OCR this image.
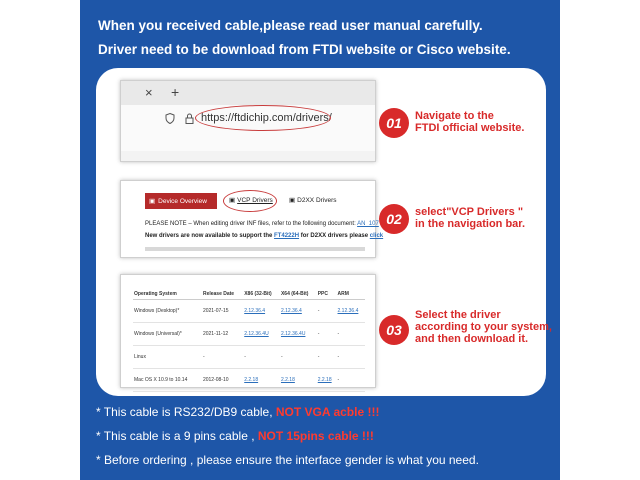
When you received cable,please read user manual carefully.
Driver need to be download from FTDI website or Cisco website.
× +
https://ftdichip.com/drivers/
▣ Device Overview	▣ VCP Drivers ▣ D2XX Drivers
PLEASE NOTE – When editing driver INF files, refer to the following document: AN_107
New drivers are now available to support the FT4222H for D2XX drivers please click
Operating System	Release Date	X86 (32-Bit)	X64 (64-Bit)	PPC	ARM
Windows (Desktop)*	2021-07-15	2.12.36.4	2.12.36.4	-	2.12.36.4
Windows (Universal)*	2021-11-12	2.12.36.4U	2.12.36.4U	-	-
Linux	-	-	-	-	-
Mac OS X 10.9 to 10.14	2012-08-10	2.2.18	2.2.18	2.2.18	-
01	Navigate to the
FTDI official website.
02	select"VCP Drivers "
in the navigation bar.
03
Select the driver
according to your system,
and then download it.
* This cable is RS232/DB9 cable, NOT VGA acble !!!
* This cable is a 9 pins cable , NOT 15pins cable !!!
* Before ordering , please ensure the interface gender is what you need.
